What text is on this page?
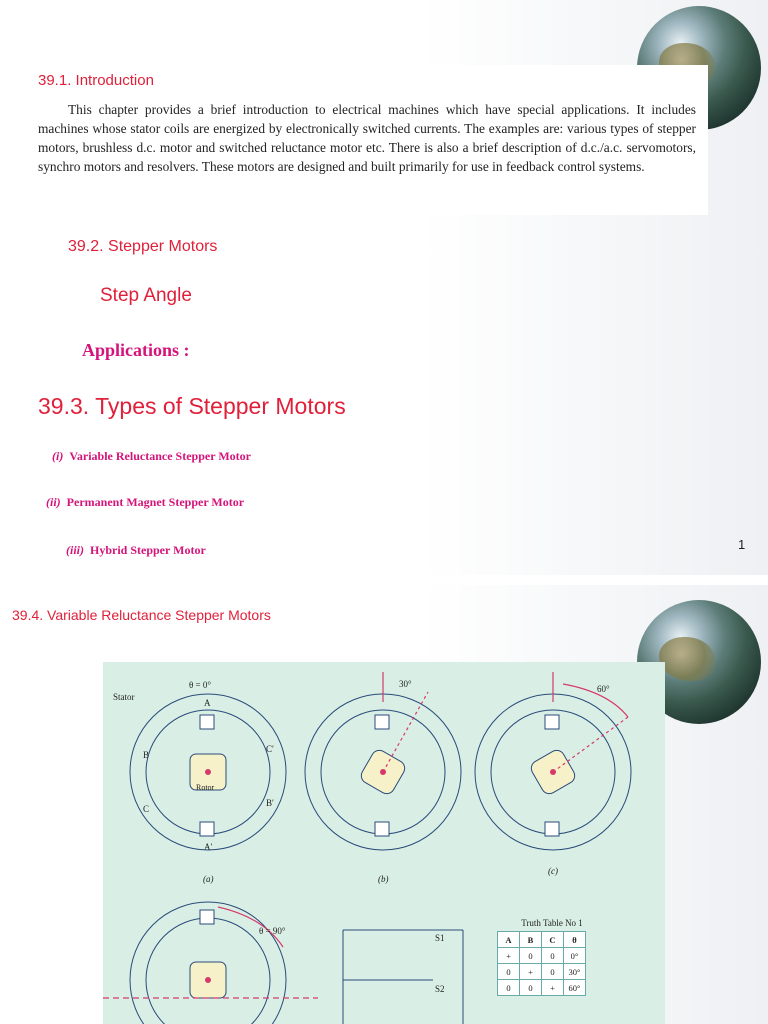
39.1. Introduction
This chapter provides a brief introduction to electrical machines which have special applications. It includes machines whose stator coils are energized by electronically switched currents. The examples are: various types of stepper motors, brushless d.c. motor and switched reluctance motor etc. There is also a brief description of d.c./a.c. servomotors, synchro motors and resolvers. These motors are designed and built primarily for use in feedback control systems.
39.2. Stepper Motors
Step Angle
Applications :
39.3. Types of Stepper Motors
(i) Variable Reluctance Stepper Motor
(ii) Permanent Magnet Stepper Motor
(iii) Hybrid Stepper Motor	1
39.4. Variable Reluctance Stepper Motors
Stator
θ = 0°	30°	60°
θ = 90°
Rotor
(a)	(b)
(c)
A
A′
B
B′
C
C′
S1
S2
Truth Table No 1
A	B	C	θ
+	0	0	0°
0	+	0	30°
0	0	+	60°
